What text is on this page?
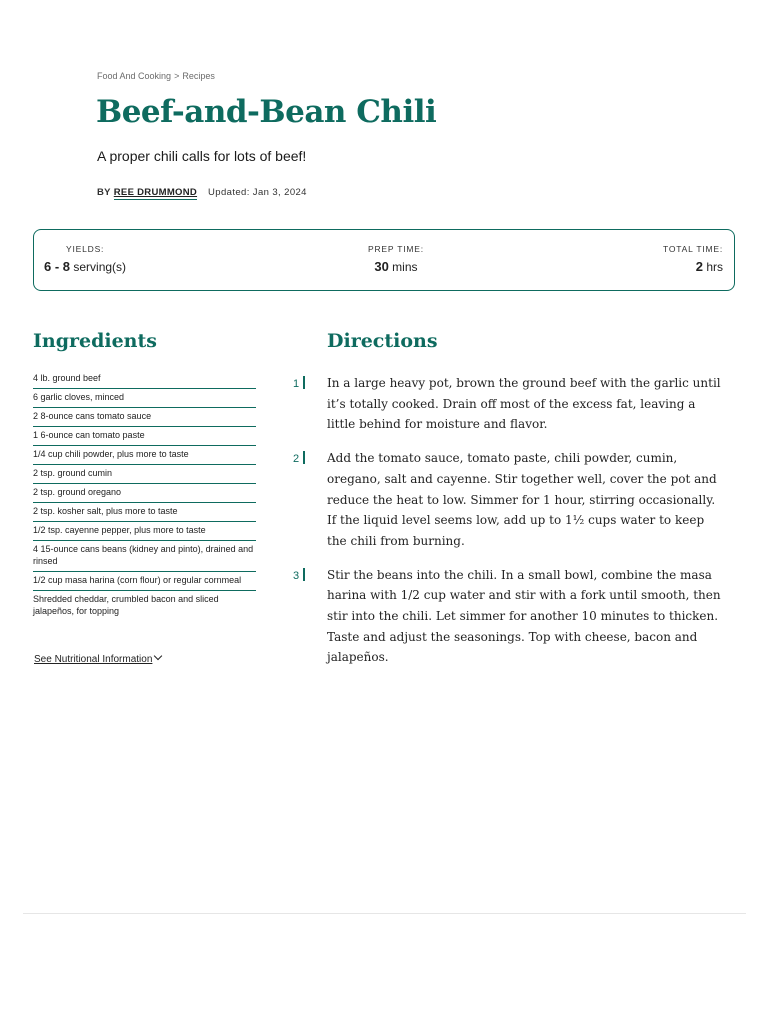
Food And Cooking > Recipes
Beef-and-Bean Chili

A proper chili calls for lots of beef!

BY REE DRUMMOND Updated: Jan 3, 2024
YIELDS:
6 - 8 serving(s)
PREP TIME:
30 mins
TOTAL TIME:
2 hrs
Ingredients
4 lb. ground beef
6 garlic cloves, minced
2 8-ounce cans tomato sauce
1 6-ounce can tomato paste
1/4 cup chili powder, plus more to taste
2 tsp. ground cumin
2 tsp. ground oregano
2 tsp. kosher salt, plus more to taste
1/2 tsp. cayenne pepper, plus more to taste
4 15-ounce cans beans (kidney and pinto), drained and rinsed
1/2 cup masa harina (corn flour) or regular cornmeal
Shredded cheddar, crumbled bacon and sliced jalapeños, for topping
See Nutritional Information
Directions
1	In a large heavy pot, brown the ground beef with the garlic until it’s totally cooked. Drain off most of the excess fat, leaving a little behind for moisture and flavor.
2	Add the tomato sauce, tomato paste, chili powder, cumin, oregano, salt and cayenne. Stir together well, cover the pot and reduce the heat to low. Simmer for 1 hour, stirring occasionally. If the liquid level seems low, add up to 1½ cups water to keep the chili from burning.
3	Stir the beans into the chili. In a small bowl, combine the masa harina with 1/2 cup water and stir with a fork until smooth, then stir into the chili. Let simmer for another 10 minutes to thicken. Taste and adjust the seasonings. Top with cheese, bacon and jalapeños.
